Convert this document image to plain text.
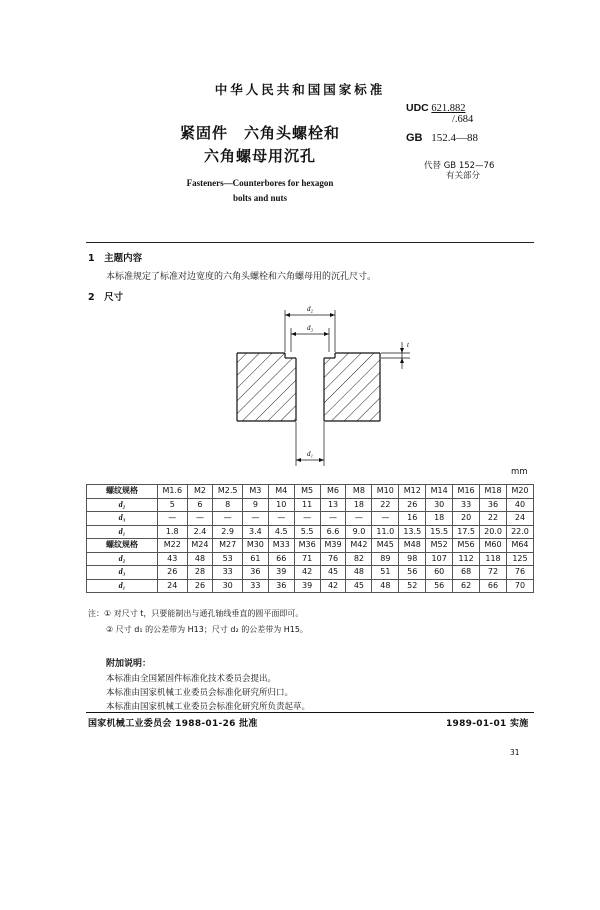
中华人民共和国国家标准
紧固件　六角头螺栓和
六角螺母用沉孔
Fasteners—Counterbores for hexagon
bolts and nuts
UDC 621.882
/.684
GB 152.4—88
代替 GB 152—76
有关部分
1　主题内容
本标准规定了标准对边宽度的六角头螺栓和六角螺母用的沉孔尺寸。
2　尺寸
d₂
d₃
d₁
t
mm
螺纹规格	M1.6	M2	M2.5	M3	M4	M5	M6	M8	M10	M12	M14	M16	M18	M20
d₂	5	6	8	9	10	11	13	18	22	26	30	33	36	40
d₃	—	—	—	—	—	—	—	—	—	16	18	20	22	24
d₁	1.8	2.4	2.9	3.4	4.5	5.5	6.6	9.0	11.0	13.5	15.5	17.5	20.0	22.0
螺纹规格	M22	M24	M27	M30	M33	M36	M39	M42	M45	M48	M52	M56	M60	M64
d₂	43	48	53	61	66	71	76	82	89	98	107	112	118	125
d₃	26	28	33	36	39	42	45	48	51	56	60	68	72	76
d₁	24	26	30	33	36	39	42	45	48	52	56	62	66	70
注：① 对尺寸 t，只要能制出与通孔轴线垂直的圆平面即可。
② 尺寸 d₁ 的公差带为 H13；尺寸 d₂ 的公差带为 H15。
附加说明：
本标准由全国紧固件标准化技术委员会提出。
本标准由国家机械工业委员会标准化研究所归口。
本标准由国家机械工业委员会标准化研究所负责起草。
国家机械工业委员会 1988-01-26 批准	1989-01-01 实施
31
